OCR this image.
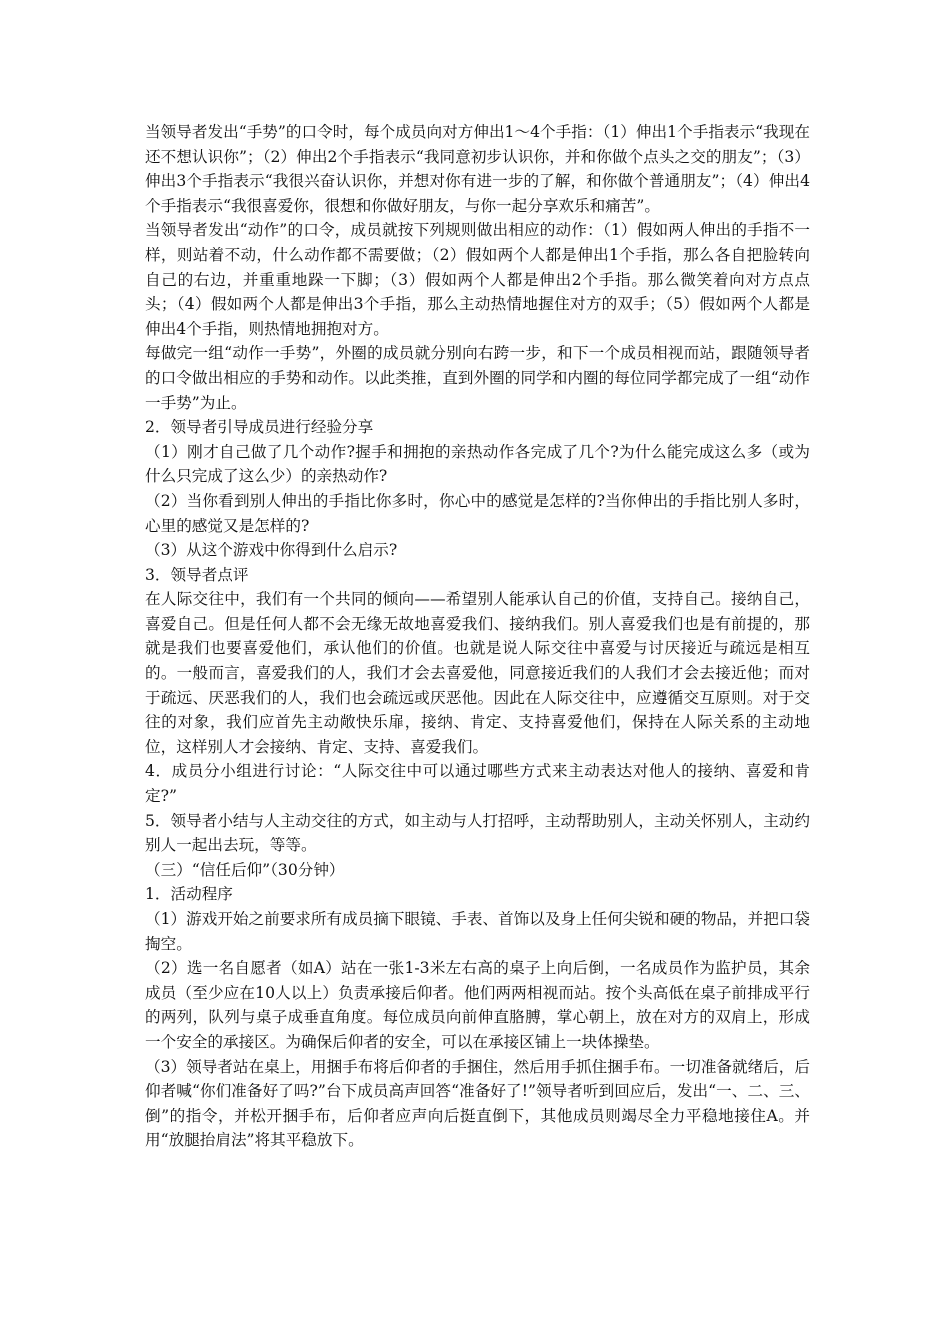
当领导者发出“手势”的口令时，每个成员向对方伸出1～4个手指：（1）伸出1个手指表示“我现在还不想认识你”；（2）伸出2个手指表示“我同意初步认识你，并和你做个点头之交的朋友”；（3）伸出3个手指表示“我很兴奋认识你，并想对你有进一步的了解，和你做个普通朋友”；（4）伸出4个手指表示“我很喜爱你，很想和你做好朋友，与你一起分享欢乐和痛苦”。

当领导者发出“动作”的口令，成员就按下列规则做出相应的动作：（1）假如两人伸出的手指不一样，则站着不动，什么动作都不需要做；（2）假如两个人都是伸出1个手指，那么各自把脸转向自己的右边，并重重地跺一下脚；（3）假如两个人都是伸出2个手指。那么微笑着向对方点点头；（4）假如两个人都是伸出3个手指，那么主动热情地握住对方的双手；（5）假如两个人都是伸出4个手指，则热情地拥抱对方。

每做完一组“动作一手势”，外圈的成员就分别向右跨一步，和下一个成员相视而站，跟随领导者的口令做出相应的手势和动作。以此类推，直到外圈的同学和内圈的每位同学都完成了一组“动作一手势”为止。

2．领导者引导成员进行经验分享

（1）刚才自己做了几个动作?握手和拥抱的亲热动作各完成了几个?为什么能完成这么多（或为什么只完成了这么少）的亲热动作?

（2）当你看到别人伸出的手指比你多时，你心中的感觉是怎样的?当你伸出的手指比别人多时，心里的感觉又是怎样的?

（3）从这个游戏中你得到什么启示?

3．领导者点评

在人际交往中，我们有一个共同的倾向——希望别人能承认自己的价值，支持自己。接纳自己，喜爱自己。但是任何人都不会无缘无故地喜爱我们、接纳我们。别人喜爱我们也是有前提的，那就是我们也要喜爱他们，承认他们的价值。也就是说人际交往中喜爱与讨厌接近与疏远是相互的。一般而言，喜爱我们的人，我们才会去喜爱他，同意接近我们的人我们才会去接近他；而对于疏远、厌恶我们的人，我们也会疏远或厌恶他。因此在人际交往中，应遵循交互原则。对于交往的对象，我们应首先主动敞快乐扉，接纳、肯定、支持喜爱他们，保持在人际关系的主动地位，这样别人才会接纳、肯定、支持、喜爱我们。

4．成员分小组进行讨论：“人际交往中可以通过哪些方式来主动表达对他人的接纳、喜爱和肯定?”

5．领导者小结与人主动交往的方式，如主动与人打招呼，主动帮助别人，主动关怀别人，主动约别人一起出去玩，等等。

（三）“信任后仰”（30分钟）

1．活动程序

（1）游戏开始之前要求所有成员摘下眼镜、手表、首饰以及身上任何尖锐和硬的物品，并把口袋掏空。

（2）选一名自愿者（如A）站在一张1-3米左右高的桌子上向后倒，一名成员作为监护员，其余成员（至少应在10人以上）负责承接后仰者。他们两两相视而站。按个头高低在桌子前排成平行的两列，队列与桌子成垂直角度。每位成员向前伸直胳膊，掌心朝上，放在对方的双肩上，形成一个安全的承接区。为确保后仰者的安全，可以在承接区铺上一块体操垫。

（3）领导者站在桌上，用捆手布将后仰者的手捆住，然后用手抓住捆手布。一切准备就绪后，后仰者喊“你们准备好了吗?”台下成员高声回答“准备好了!”领导者听到回应后，发出“一、二、三、倒”的指令，并松开捆手布，后仰者应声向后挺直倒下，其他成员则竭尽全力平稳地接住A。并用“放腿抬肩法”将其平稳放下。
